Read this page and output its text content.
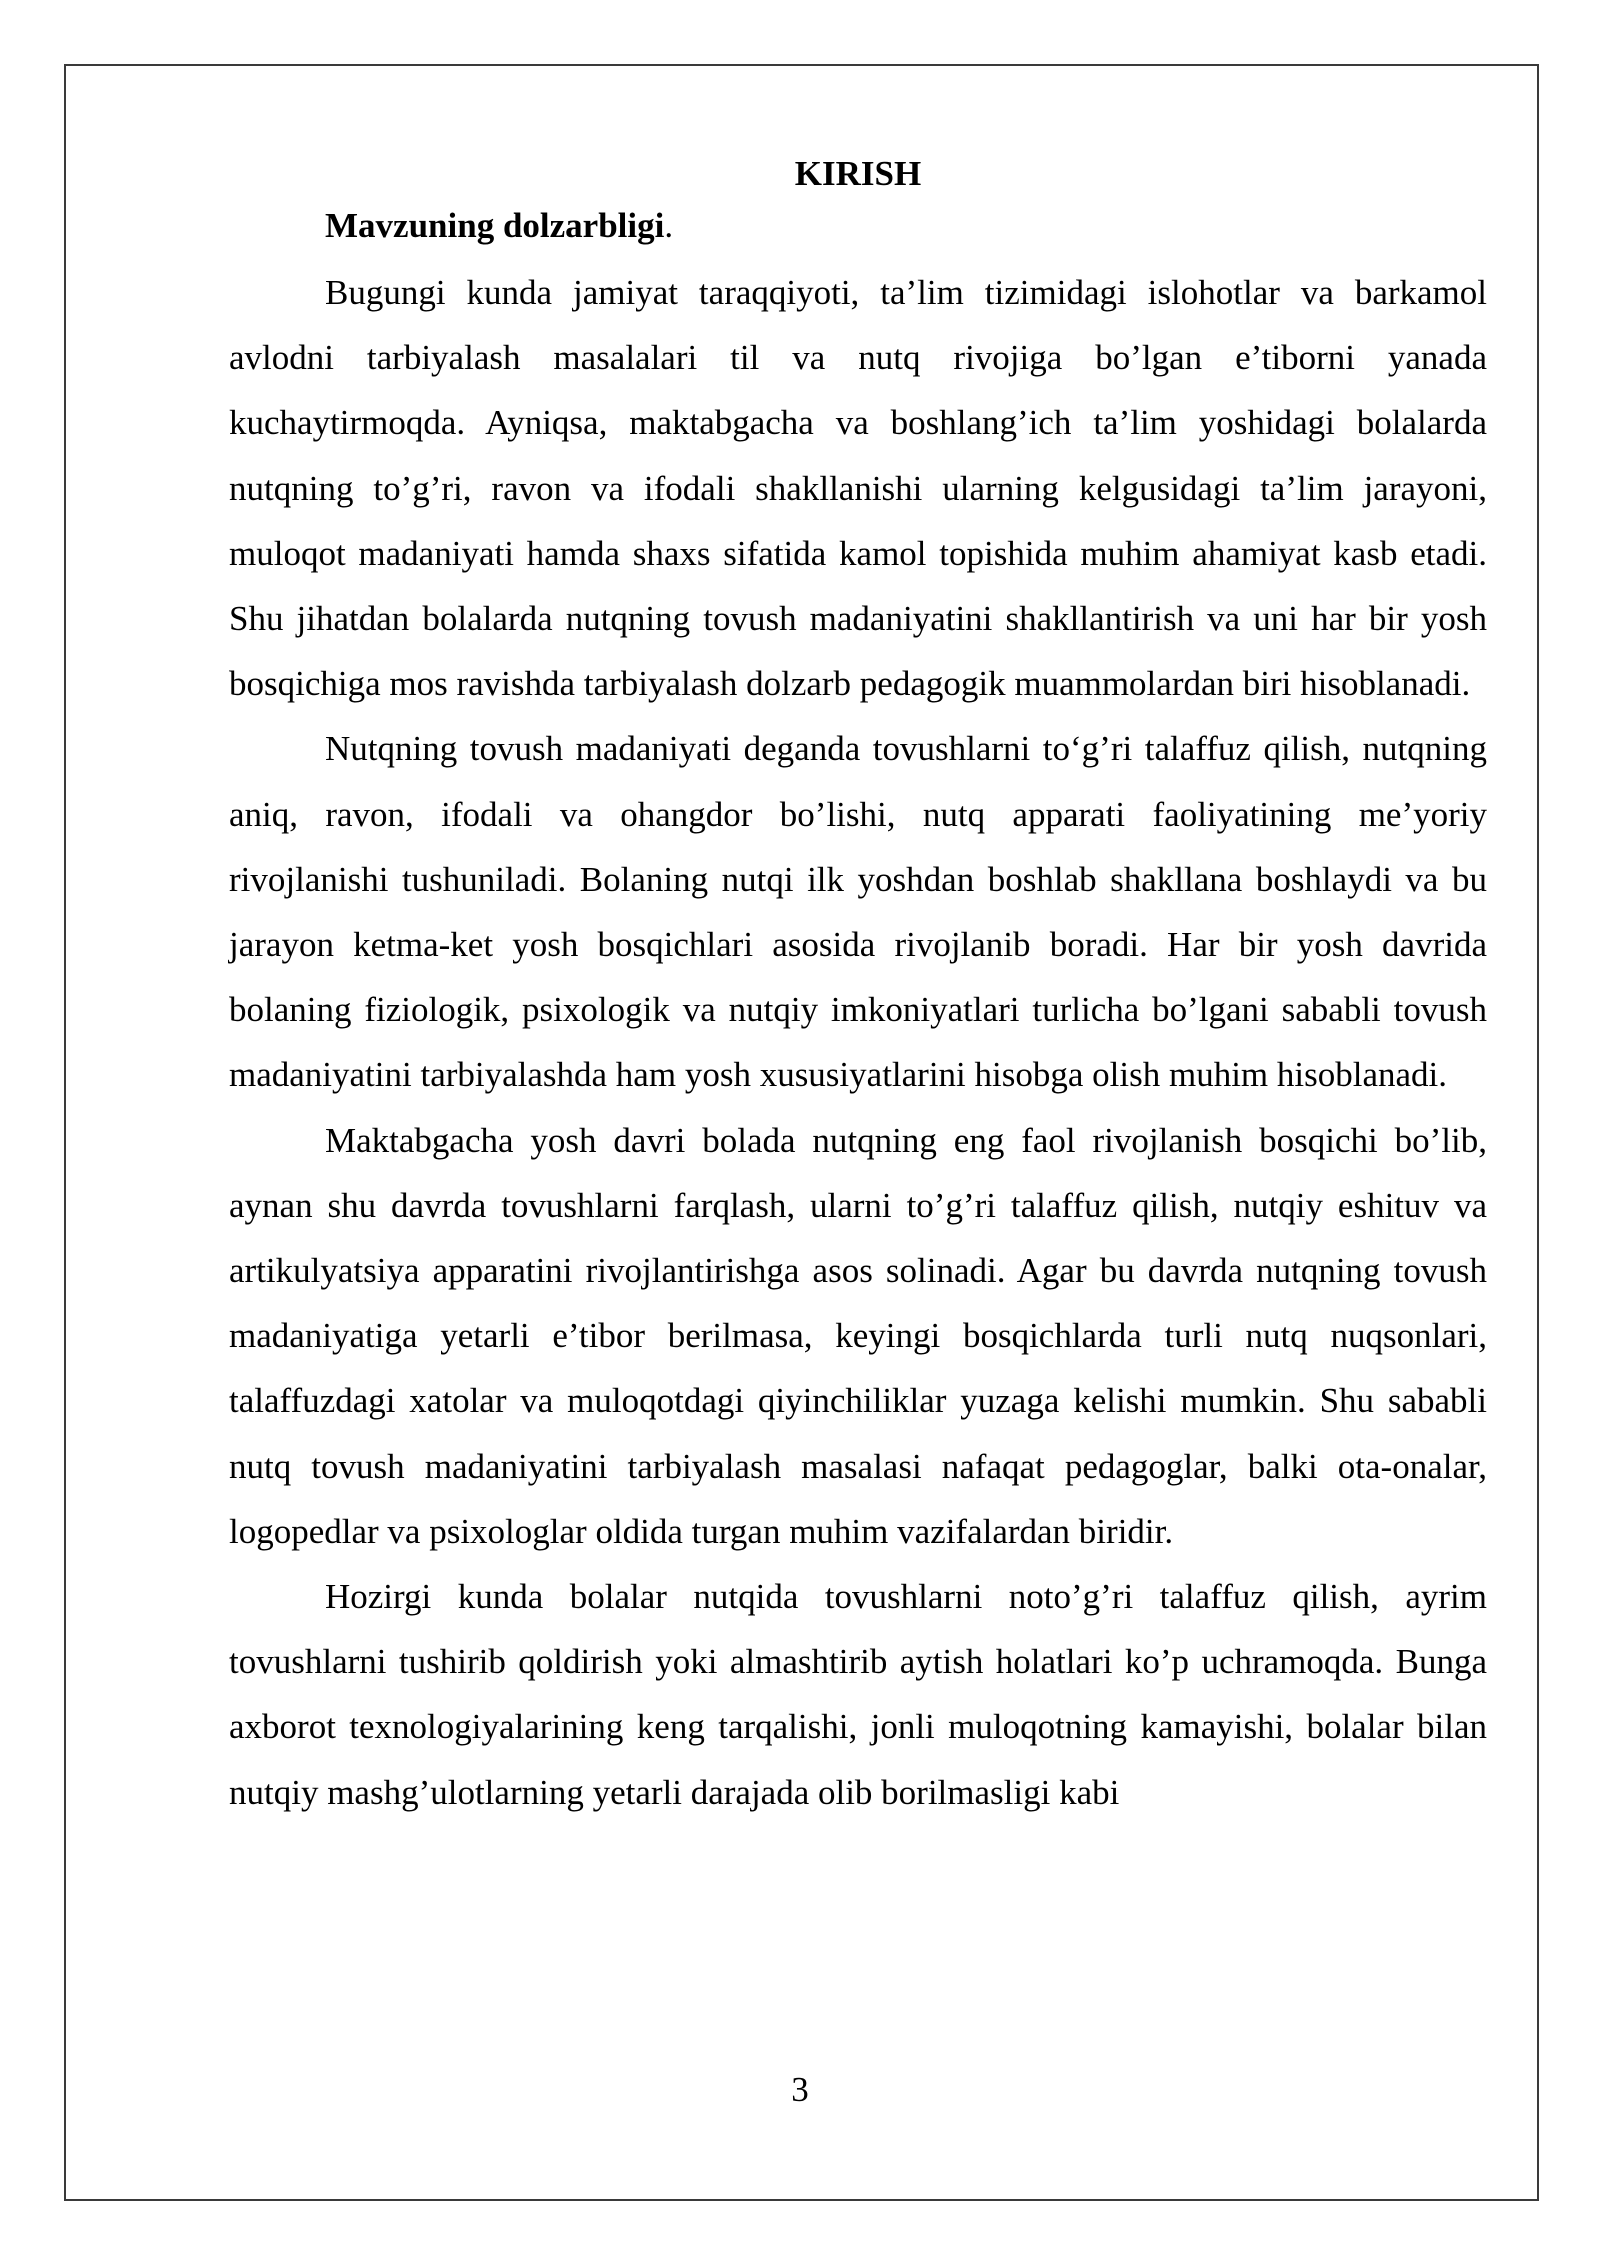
KIRISH

Mavzuning dolzarbligi.

Bugungi kunda jamiyat taraqqiyoti, ta’lim tizimidagi islohotlar va barkamol avlodni tarbiyalash masalalari til va nutq rivojiga bo’lgan e’tiborni yanada kuchaytirmoqda. Ayniqsa, maktabgacha va boshlang’ich ta’lim yoshidagi bolalarda nutqning to’g’ri, ravon va ifodali shakllanishi ularning kelgusidagi ta’lim jarayoni, muloqot madaniyati hamda shaxs sifatida kamol topishida muhim ahamiyat kasb etadi. Shu jihatdan bolalarda nutqning tovush madaniyatini shakllantirish va uni har bir yosh bosqichiga mos ravishda tarbiyalash dolzarb pedagogik muammolardan biri hisoblanadi.

Nutqning tovush madaniyati deganda tovushlarni to‘g’ri talaffuz qilish, nutqning aniq, ravon, ifodali va ohangdor bo’lishi, nutq apparati faoliyatining me’yoriy rivojlanishi tushuniladi. Bolaning nutqi ilk yoshdan boshlab shakllana boshlaydi va bu jarayon ketma-ket yosh bosqichlari asosida rivojlanib boradi. Har bir yosh davrida bolaning fiziologik, psixologik va nutqiy imkoniyatlari turlicha bo’lgani sababli tovush madaniyatini tarbiyalashda ham yosh xususiyatlarini hisobga olish muhim hisoblanadi.

Maktabgacha yosh davri bolada nutqning eng faol rivojlanish bosqichi bo’lib, aynan shu davrda tovushlarni farqlash, ularni to’g’ri talaffuz qilish, nutqiy eshituv va artikulyatsiya apparatini rivojlantirishga asos solinadi. Agar bu davrda nutqning tovush madaniyatiga yetarli e’tibor berilmasa, keyingi bosqichlarda turli nutq nuqsonlari, talaffuzdagi xatolar va muloqotdagi qiyinchiliklar yuzaga kelishi mumkin. Shu sababli nutq tovush madaniyatini tarbiyalash masalasi nafaqat pedagoglar, balki ota-onalar, logopedlar va psixologlar oldida turgan muhim vazifalardan biridir.

Hozirgi kunda bolalar nutqida tovushlarni noto’g’ri talaffuz qilish, ayrim tovushlarni tushirib qoldirish yoki almashtirib aytish holatlari ko’p uchramoqda. Bunga axborot texnologiyalarining keng tarqalishi, jonli muloqotning kamayishi, bolalar bilan nutqiy mashg’ulotlarning yetarli darajada olib borilmasligi kabi

3
